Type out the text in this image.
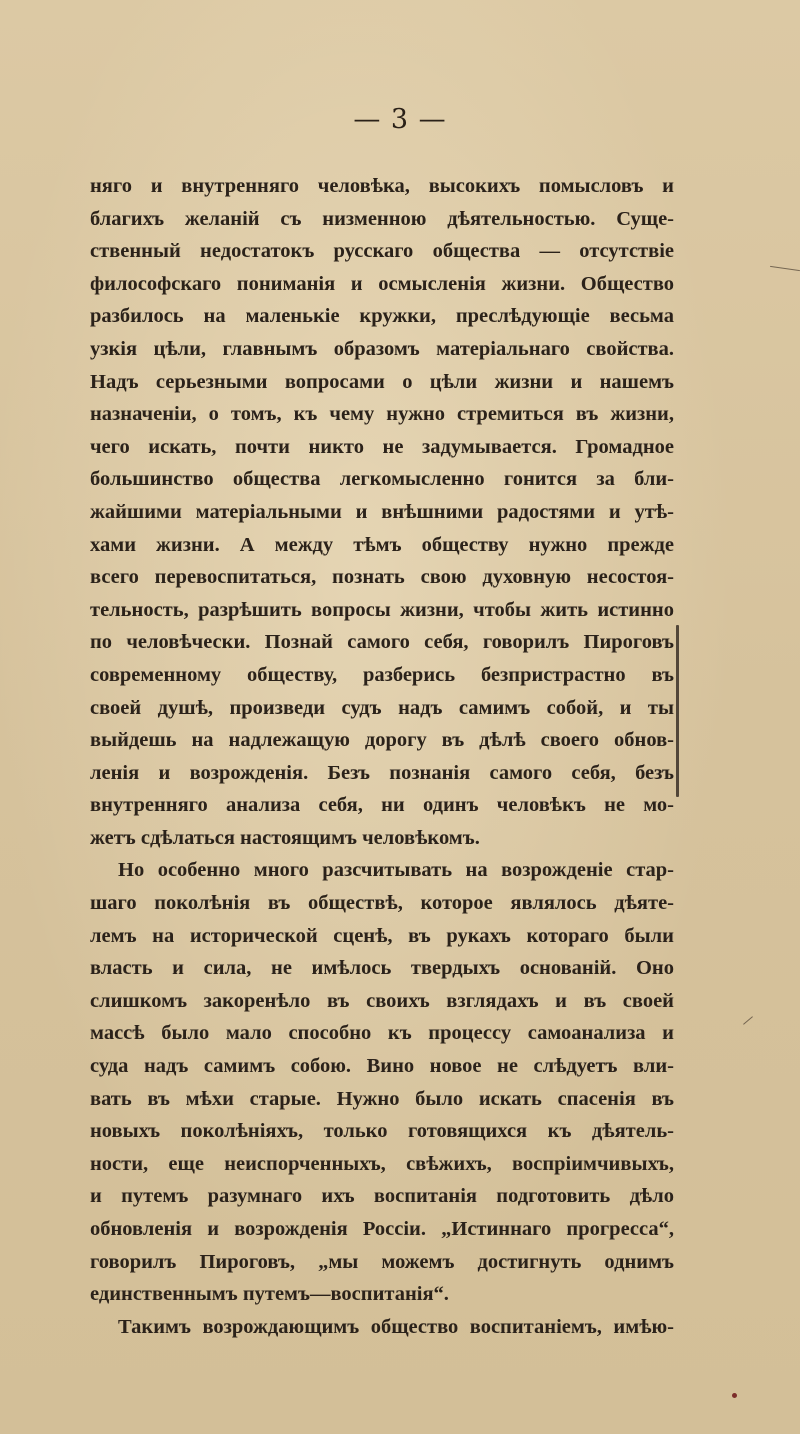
— 3 —
няго и внутренняго человѣка, высокихъ помысловъ и
благихъ желаній съ низменною дѣятельностью. Суще-
ственный недостатокъ русскаго общества — отсутствіе
философскаго пониманія и осмысленія жизни. Общество
разбилось на маленькіе кружки, преслѣдующіе весьма
узкія цѣли, главнымъ образомъ матеріальнаго свойства.
Надъ серьезными вопросами о цѣли жизни и нашемъ
назначеніи, о томъ, къ чему нужно стремиться въ жизни,
чего искать, почти никто не задумывается. Громадное
большинство общества легкомысленно гонится за бли-
жайшими матеріальными и внѣшними радостями и утѣ-
хами жизни. А между тѣмъ обществу нужно прежде
всего перевоспитаться, познать свою духовную несостоя-
тельность, разрѣшить вопросы жизни, чтобы жить истинно
по человѣчески. Познай самого себя, говорилъ Пироговъ
современному обществу, разберись безпристрастно въ
своей душѣ, произведи судъ надъ самимъ собой, и ты
выйдешь на надлежащую дорогу въ дѣлѣ своего обнов-
ленія и возрожденія. Безъ познанія самого себя, безъ
внутренняго анализа себя, ни одинъ человѣкъ не мо-
жетъ сдѣлаться настоящимъ человѣкомъ.
Но особенно много разсчитывать на возрожденіе стар-
шаго поколѣнія въ обществѣ, которое являлось дѣяте-
лемъ на исторической сценѣ, въ рукахъ котораго были
власть и сила, не имѣлось твердыхъ основаній. Оно
слишкомъ закоренѣло въ своихъ взглядахъ и въ своей
массѣ было мало способно къ процессу самоанализа и
суда надъ самимъ собою. Вино новое не слѣдуетъ вли-
вать въ мѣхи старые. Нужно было искать спасенія въ
новыхъ поколѣніяхъ, только готовящихся къ дѣятель-
ности, еще неиспорченныхъ, свѣжихъ, воспріимчивыхъ,
и путемъ разумнаго ихъ воспитанія подготовить дѣло
обновленія и возрожденія Россіи. „Истиннаго прогресса“,
говорилъ Пироговъ, „мы можемъ достигнуть однимъ
единственнымъ путемъ—воспитанія“.
Такимъ возрождающимъ общество воспитаніемъ, имѣю-
